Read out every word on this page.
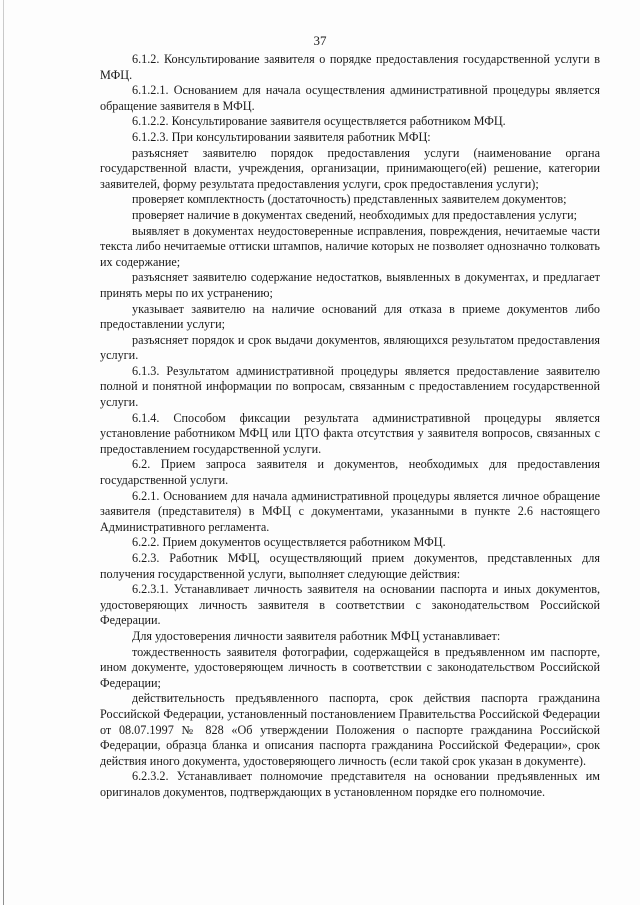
37

6.1.2. Консультирование заявителя о порядке предоставления государственной услуги в МФЦ.

6.1.2.1. Основанием для начала осуществления административной процедуры является обращение заявителя в МФЦ.

6.1.2.2. Консультирование заявителя осуществляется работником МФЦ.

6.1.2.3. При консультировании заявителя работник МФЦ:

разъясняет заявителю порядок предоставления услуги (наименование органа государственной власти, учреждения, организации, принимающего(ей) решение, категории заявителей, форму результата предоставления услуги, срок предоставления услуги);

проверяет комплектность (достаточность) представленных заявителем документов;

проверяет наличие в документах сведений, необходимых для предоставления услуги;

выявляет в документах неудостоверенные исправления, повреждения, нечитаемые части текста либо нечитаемые оттиски штампов, наличие которых не позволяет однозначно толковать их содержание;

разъясняет заявителю содержание недостатков, выявленных в документах, и предлагает принять меры по их устранению;

указывает заявителю на наличие оснований для отказа в приеме документов либо предоставлении услуги;

разъясняет порядок и срок выдачи документов, являющихся результатом предоставления услуги.

6.1.3. Результатом административной процедуры является предоставление заявителю полной и понятной информации по вопросам, связанным с предоставлением государственной услуги.

6.1.4. Способом фиксации результата административной процедуры является установление работником МФЦ или ЦТО факта отсутствия у заявителя вопросов, связанных с предоставлением государственной услуги.

6.2. Прием запроса заявителя и документов, необходимых для предоставления государственной услуги.

6.2.1. Основанием для начала административной процедуры является личное обращение заявителя (представителя) в МФЦ с документами, указанными в пункте 2.6 настоящего Административного регламента.

6.2.2. Прием документов осуществляется работником МФЦ.

6.2.3. Работник МФЦ, осуществляющий прием документов, представленных для получения государственной услуги, выполняет следующие действия:

6.2.3.1. Устанавливает личность заявителя на основании паспорта и иных документов, удостоверяющих личность заявителя в соответствии с законодательством Российской Федерации.

Для удостоверения личности заявителя работник МФЦ устанавливает:

тождественность заявителя фотографии, содержащейся в предъявленном им паспорте, ином документе, удостоверяющем личность в соответствии с законодательством Российской Федерации;

действительность предъявленного паспорта, срок действия паспорта гражданина Российской Федерации, установленный постановлением Правительства Российской Федерации от 08.07.1997 № 828 «Об утверждении Положения о паспорте гражданина Российской Федерации, образца бланка и описания паспорта гражданина Российской Федерации», срок действия иного документа, удостоверяющего личность (если такой срок указан в документе).

6.2.3.2. Устанавливает полномочие представителя на основании предъявленных им оригиналов документов, подтверждающих в установленном порядке его полномочие.
